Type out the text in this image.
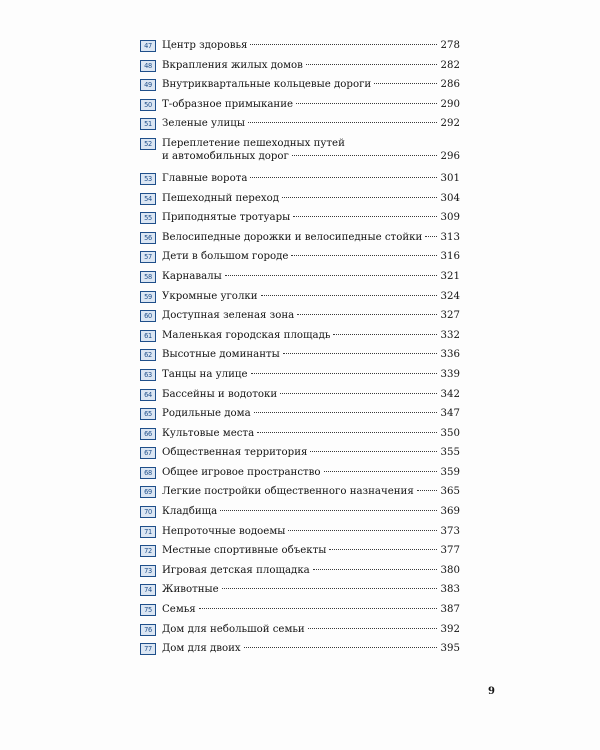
47 Центр здоровья	278
48 Вкрапления жилых домов	282
49 Внутриквартальные кольцевые дороги	286
50 Т-образное примыкание	290
51 Зеленые улицы	292
52 Переплетение пешеходных путей
и автомобильных дорог	296
53 Главные ворота	301
54 Пешеходный переход	304
55 Приподнятые тротуары	309
56 Велосипедные дорожки и велосипедные стойки 313
57 Дети в большом городе	316
58 Карнавалы	321
59 Укромные уголки	324
60 Доступная зеленая зона	327
61 Маленькая городская площадь	332
62 Высотные доминанты	336
63 Танцы на улице	339
64 Бассейны и водотоки	342
65 Родильные дома	347
66 Культовые места	350
67 Общественная территория	355
68 Общее игровое пространство	359
69 Легкие постройки общественного назначения	365
70 Кладбища	369
71 Непроточные водоемы	373
72 Местные спортивные объекты	377
73 Игровая детская площадка	380
74 Животные	383
75 Семья	387
76 Дом для небольшой семьи	392
77 Дом для двоих	395
9
